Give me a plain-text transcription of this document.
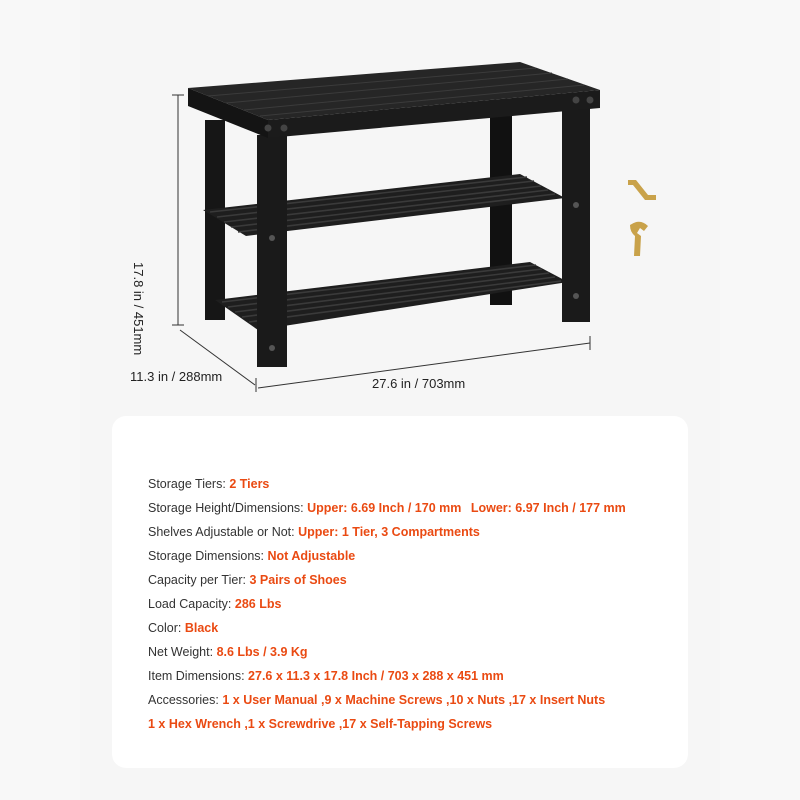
17.8 in / 451mm
11.3 in / 288mm	27.6 in / 703mm
Storage Tiers: 2 Tiers
Storage Height/Dimensions: Upper: 6.69 Inch / 170 mm Lower: 6.97 Inch / 177 mm
Shelves Adjustable or Not: Upper: 1 Tier, 3 Compartments
Storage Dimensions: Not Adjustable
Capacity per Tier: 3 Pairs of Shoes
Load Capacity: 286 Lbs
Color: Black
Net Weight: 8.6 Lbs / 3.9 Kg
Item Dimensions: 27.6 x 11.3 x 17.8 Inch / 703 x 288 x 451 mm
Accessories: 1 x User Manual ,9 x Machine Screws ,10 x Nuts ,17 x Insert Nuts
1 x Hex Wrench ,1 x Screwdrive ,17 x Self-Tapping Screws
